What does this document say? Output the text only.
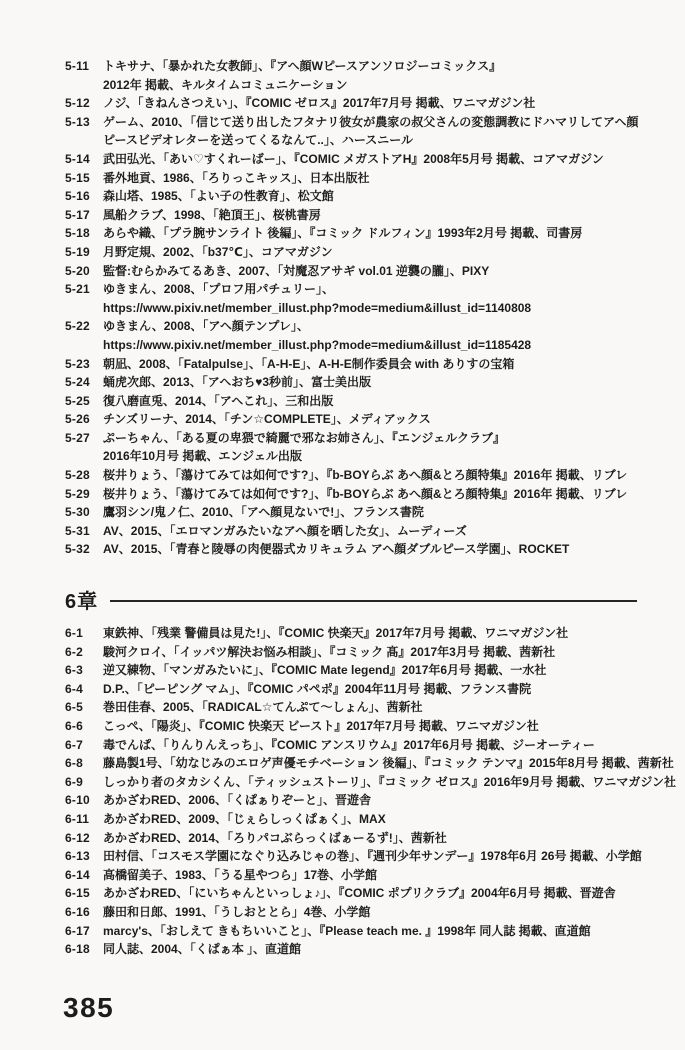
5-11	トキサナ、「暴かれた女教師」、『アヘ顔Wピースアンソロジーコミックス』
2012年 掲載、キルタイムコミュニケーション
5-12	ノジ、「きねんさつえい」、『COMIC ゼロス』2017年7月号 掲載、ワニマガジン社
5-13	ゲーム、2010、「信じて送り出したフタナリ彼女が農家の叔父さんの変態調教にドハマリしてアヘ顔
ピースビデオレターを送ってくるなんて..」、ハースニール
5-14	武田弘光、「あい♡すくれーばー」、『COMIC メガストアH』2008年5月号 掲載、コアマガジン
5-15	番外地貢、1986、「ろりっこキッス」、日本出版社
5-16	森山塔、1985、「よい子の性教育」、松文館
5-17	風船クラブ、1998、「絶頂王」、桜桃書房
5-18	あらや織、「プラ腕サンライト 後編」、『コミック ドルフィン』1993年2月号 掲載、司書房
5-19	月野定規、2002、「b37℃」、コアマガジン
5-20	監督:むらかみてるあき、2007、「対魔忍アサギ vol.01 逆襲の朧」、PIXY
5-21	ゆきまん、2008、「プロフ用パチュリー」、
https://www.pixiv.net/member_illust.php?mode=medium&illust_id=1140808
5-22	ゆきまん、2008、「アヘ顔テンプレ」、
https://www.pixiv.net/member_illust.php?mode=medium&illust_id=1185428
5-23	朝凪、2008、「Fatalpulse」、「A-H-E」、A-H-E制作委員会 with ありすの宝箱
5-24	蛹虎次郎、2013、「アヘおち♥3秒前」、富士美出版
5-25	復八磨直兎、2014、「アヘこれ」、三和出版
5-26	チンズリーナ、2014、「チン☆COMPLETE」、メディアックス
5-27	ぷーちゃん、「ある夏の卑猥で綺麗で邪なお姉さん」、『エンジェルクラブ』
2016年10月号 掲載、エンジェル出版
5-28	桜井りょう、「蕩けてみては如何です?」、『b-BOYらぶ あへ顔&とろ顔特集』2016年 掲載、リブレ
5-29	桜井りょう、「蕩けてみては如何です?」、『b-BOYらぶ あへ顔&とろ顔特集』2016年 掲載、リブレ
5-30	鷹羽シン/鬼ノ仁、2010、「アヘ顔見ないで!」、フランス書院
5-31	AV、2015、「エロマンガみたいなアヘ顔を晒した女」、ムーディーズ
5-32	AV、2015、「青春と陵辱の肉便器式カリキュラム アヘ顔ダブルピース学園」、ROCKET
6章
6-1	東鉄神、「残業 警備員は見た!」、『COMIC 快楽天』2017年7月号 掲載、ワニマガジン社
6-2	駿河クロイ、「イッパツ解決お悩み相談」、『コミック 髙』2017年3月号 掲載、茜新社
6-3	逆又練物、「マンガみたいに」、『COMIC Mate legend』2017年6月号 掲載、一水社
6-4	D.P.、「ピーピング マム」、『COMIC パペポ』2004年11月号 掲載、フランス書院
6-5	巻田佳春、2005、「RADICAL☆てんぷて～しょん」、茜新社
6-6	こっぺ、「陽炎」、『COMIC 快楽天 ビースト』2017年7月号 掲載、ワニマガジン社
6-7	毒でんぱ、「りんりんえっち」、『COMIC アンスリウム』2017年6月号 掲載、ジーオーティー
6-8	藤島製1号、「幼なじみのエロゲ声優モチベーション 後編」、『コミック テンマ』2015年8月号 掲載、茜新社
6-9	しっかり者のタカシくん、「ティッシュストーリ」、『コミック ゼロス』2016年9月号 掲載、ワニマガジン社
6-10	あかざわRED、2006、「くぱぁりぞーと」、晋遊舎
6-11	あかざわRED、2009、「じぇらしっくぱぁく」、MAX
6-12	あかざわRED、2014、「ろりパコぶらっくばぁーるず!」、茜新社
6-13	田村信、「コスモス学園になぐり込みじゃの巻」、『週刊少年サンデー』1978年6月 26号 掲載、小学館
6-14	高橋留美子、1983、「うる星やつら」17巻、小学館
6-15	あかざわRED、「にいちゃんといっしょ♪」、『COMIC ポプリクラブ』2004年6月号 掲載、晋遊舎
6-16	藤田和日郎、1991、「うしおととら」4巻、小学館
6-17	marcy's、「おしえて きもちいいこと」、『Please teach me. 』1998年 同人誌 掲載、直道館
6-18	同人誌、2004、「くぱぁ本 」、直道館
385
